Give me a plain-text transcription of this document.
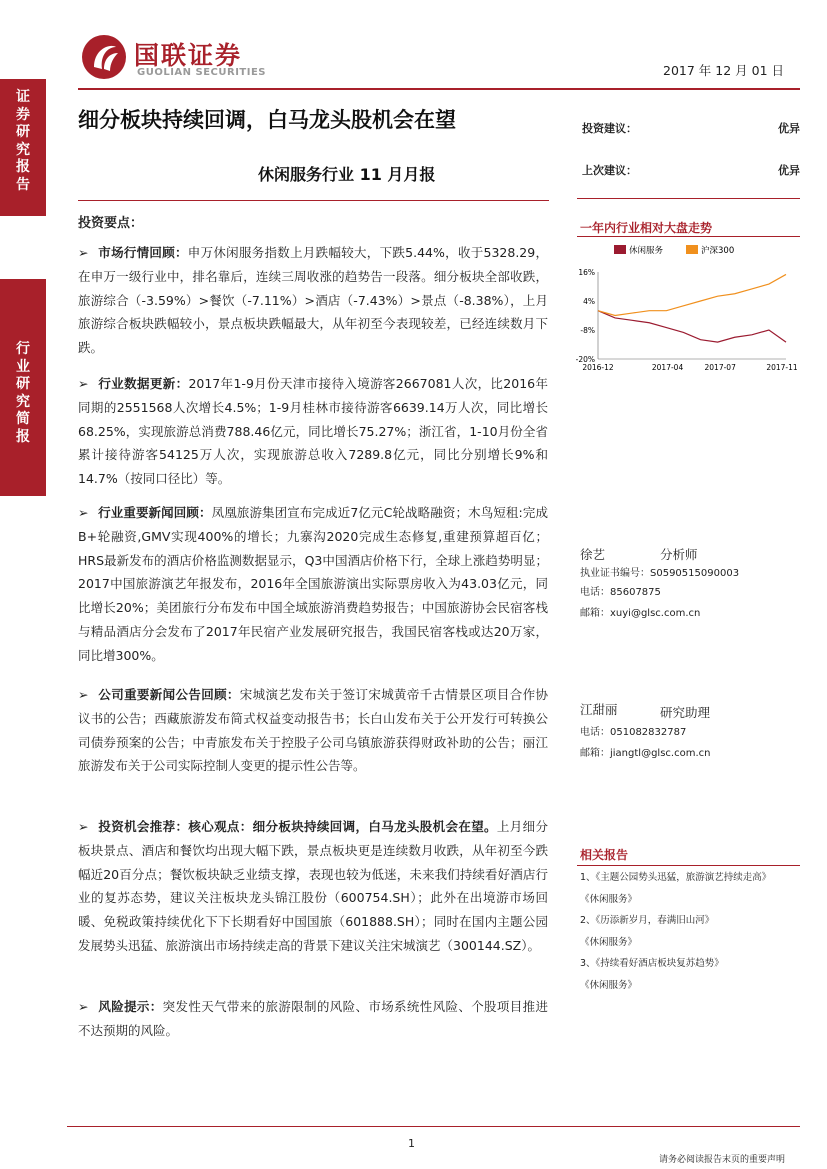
国联证券
GUOLIAN SECURITIES	2017 年 12 月 01 日
证券研究报告
行业研究简报
细分板块持续回调，白马龙头股机会在望
休闲服务行业 11 月月报
投资建议：	优异
上次建议：	优异
一年内行业相对大盘走势
休闲服务	沪深300
16%
4%
-8%
-20%
2016-12	2017-04	2017-07	2017-11
投资要点：
➢ 市场行情回顾：申万休闲服务指数上月跌幅较大，下跌5.44%，收于5328.29，在申万一级行业中，排名靠后，连续三周收涨的趋势告一段落。细分板块全部收跌，旅游综合（-3.59%）>餐饮（-7.11%）>酒店（-7.43%）>景点（-8.38%），上月旅游综合板块跌幅较小，景点板块跌幅最大，从年初至今表现较差，已经连续数月下跌。
➢ 行业数据更新：2017年1-9月份天津市接待入境游客2667081人次，比2016年同期的2551568人次增长4.5%；1-9月桂林市接待游客6639.14万人次，同比增长68.25%，实现旅游总消费788.46亿元，同比增长75.27%；浙江省，1-10月份全省累计接待游客54125万人次，实现旅游总收入7289.8亿元，同比分别增长9%和14.7%（按同口径比）等。
➢ 行业重要新闻回顾：凤凰旅游集团宣布完成近7亿元C轮战略融资；木鸟短租:完成B+轮融资,GMV实现400%的增长；九寨沟2020完成生态修复,重建预算超百亿；HRS最新发布的酒店价格监测数据显示，Q3中国酒店价格下行，全球上涨趋势明显；2017中国旅游演艺年报发布，2016年全国旅游演出实际票房收入为43.03亿元，同比增长20%；美团旅行分布发布中国全域旅游消费趋势报告；中国旅游协会民宿客栈与精品酒店分会发布了2017年民宿产业发展研究报告，我国民宿客栈或达20万家，同比增300%。
➢ 公司重要新闻公告回顾：宋城演艺发布关于签订宋城黄帝千古情景区项目合作协议书的公告；西藏旅游发布简式权益变动报告书；长白山发布关于公开发行可转换公司债券预案的公告；中青旅发布关于控股子公司乌镇旅游获得财政补助的公告；丽江旅游发布关于公司实际控制人变更的提示性公告等。
➢ 投资机会推荐：核心观点：细分板块持续回调，白马龙头股机会在望。上月细分板块景点、酒店和餐饮均出现大幅下跌，景点板块更是连续数月收跌，从年初至今跌幅近20百分点；餐饮板块缺乏业绩支撑，表现也较为低迷，未来我们持续看好酒店行业的复苏态势，建议关注板块龙头锦江股份（600754.SH）；此外在出境游市场回暖、免税政策持续优化下下长期看好中国国旅（601888.SH）；同时在国内主题公园发展势头迅猛、旅游演出市场持续走高的背景下建议关注宋城演艺（300144.SZ）。
➢ 风险提示：突发性天气带来的旅游限制的风险、市场系统性风险、个股项目推进不达预期的风险。
徐艺	分析师
执业证书编号：S0590515090003
电话：85607875
邮箱：xuyi@glsc.com.cn
江甜丽	研究助理
电话：051082832787
邮箱：jiangtl@glsc.com.cn
相关报告
1、《主题公园势头迅猛，旅游演艺持续走高》
《休闲服务》
2、《历添新岁月，春满旧山河》
《休闲服务》
3、《持续看好酒店板块复苏趋势》
《休闲服务》
1
请务必阅读报告末页的重要声明
